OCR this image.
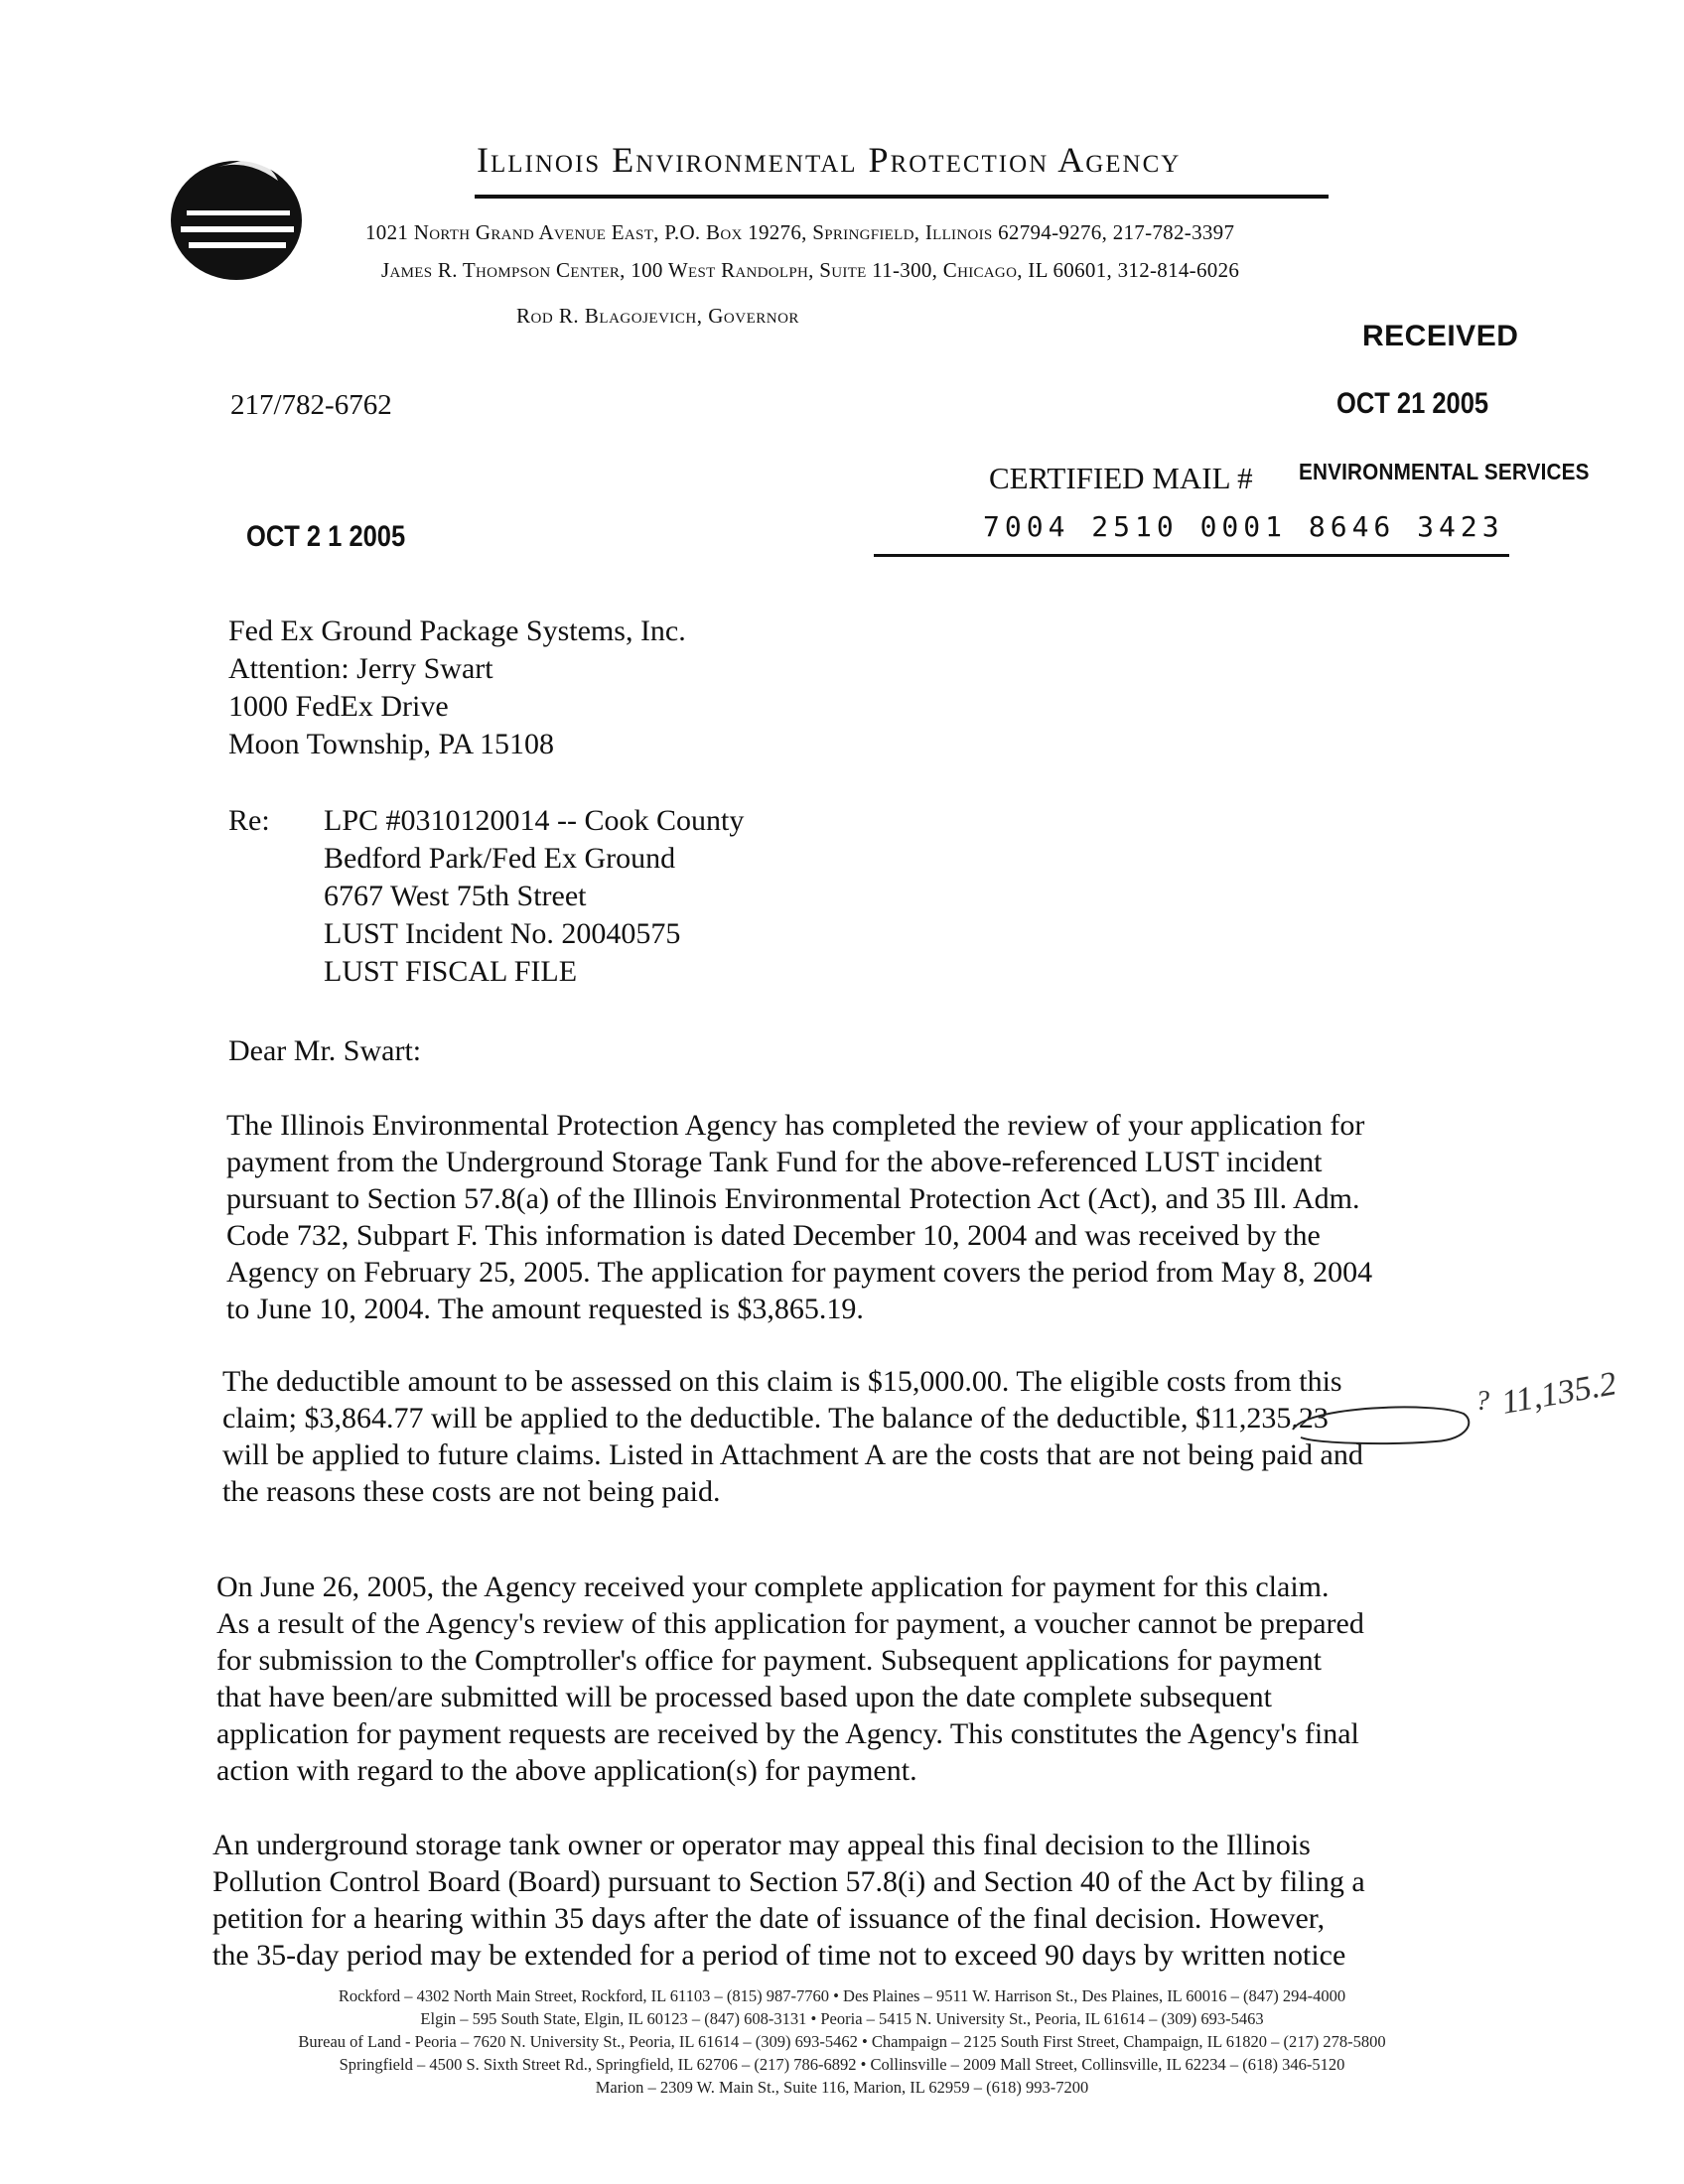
Illinois Environmental Protection Agency
1021 North Grand Avenue East, P.O. Box 19276, Springfield, Illinois 62794-9276, 217-782-3397
James R. Thompson Center, 100 West Randolph, Suite 11-300, Chicago, IL 60601, 312-814-6026
Rod R. Blagojevich, Governor
RECEIVED
OCT 21 2005
ENVIRONMENTAL SERVICES
217/782-6762
CERTIFIED MAIL #
7004 2510 0001 8646 3423
OCT 2 1 2005
Fed Ex Ground Package Systems, Inc.
Attention: Jerry Swart
1000 FedEx Drive
Moon Township, PA 15108
Re: LPC #0310120014 -- Cook County
Bedford Park/Fed Ex Ground
6767 West 75th Street
LUST Incident No. 20040575
LUST FISCAL FILE
Dear Mr. Swart:
The Illinois Environmental Protection Agency has completed the review of your application for
payment from the Underground Storage Tank Fund for the above-referenced LUST incident
pursuant to Section 57.8(a) of the Illinois Environmental Protection Act (Act), and 35 Ill. Adm.
Code 732, Subpart F. This information is dated December 10, 2004 and was received by the
Agency on February 25, 2005. The application for payment covers the period from May 8, 2004
to June 10, 2004. The amount requested is $3,865.19.
The deductible amount to be assessed on this claim is $15,000.00. The eligible costs from this
claim; $3,864.77 will be applied to the deductible. The balance of the deductible, $11,235.23
will be applied to future claims. Listed in Attachment A are the costs that are not being paid and
the reasons these costs are not being paid.
On June 26, 2005, the Agency received your complete application for payment for this claim.
As a result of the Agency's review of this application for payment, a voucher cannot be prepared
for submission to the Comptroller's office for payment. Subsequent applications for payment
that have been/are submitted will be processed based upon the date complete subsequent
application for payment requests are received by the Agency. This constitutes the Agency's final
action with regard to the above application(s) for payment.
An underground storage tank owner or operator may appeal this final decision to the Illinois
Pollution Control Board (Board) pursuant to Section 57.8(i) and Section 40 of the Act by filing a
petition for a hearing within 35 days after the date of issuance of the final decision. However,
the 35-day period may be extended for a period of time not to exceed 90 days by written notice
? 11,135.2
Rockford – 4302 North Main Street, Rockford, IL 61103 – (815) 987-7760 • Des Plaines – 9511 W. Harrison St., Des Plaines, IL 60016 – (847) 294-4000
Elgin – 595 South State, Elgin, IL 60123 – (847) 608-3131 • Peoria – 5415 N. University St., Peoria, IL 61614 – (309) 693-5463
Bureau of Land - Peoria – 7620 N. University St., Peoria, IL 61614 – (309) 693-5462 • Champaign – 2125 South First Street, Champaign, IL 61820 – (217) 278-5800
Springfield – 4500 S. Sixth Street Rd., Springfield, IL 62706 – (217) 786-6892 • Collinsville – 2009 Mall Street, Collinsville, IL 62234 – (618) 346-5120
Marion – 2309 W. Main St., Suite 116, Marion, IL 62959 – (618) 993-7200
